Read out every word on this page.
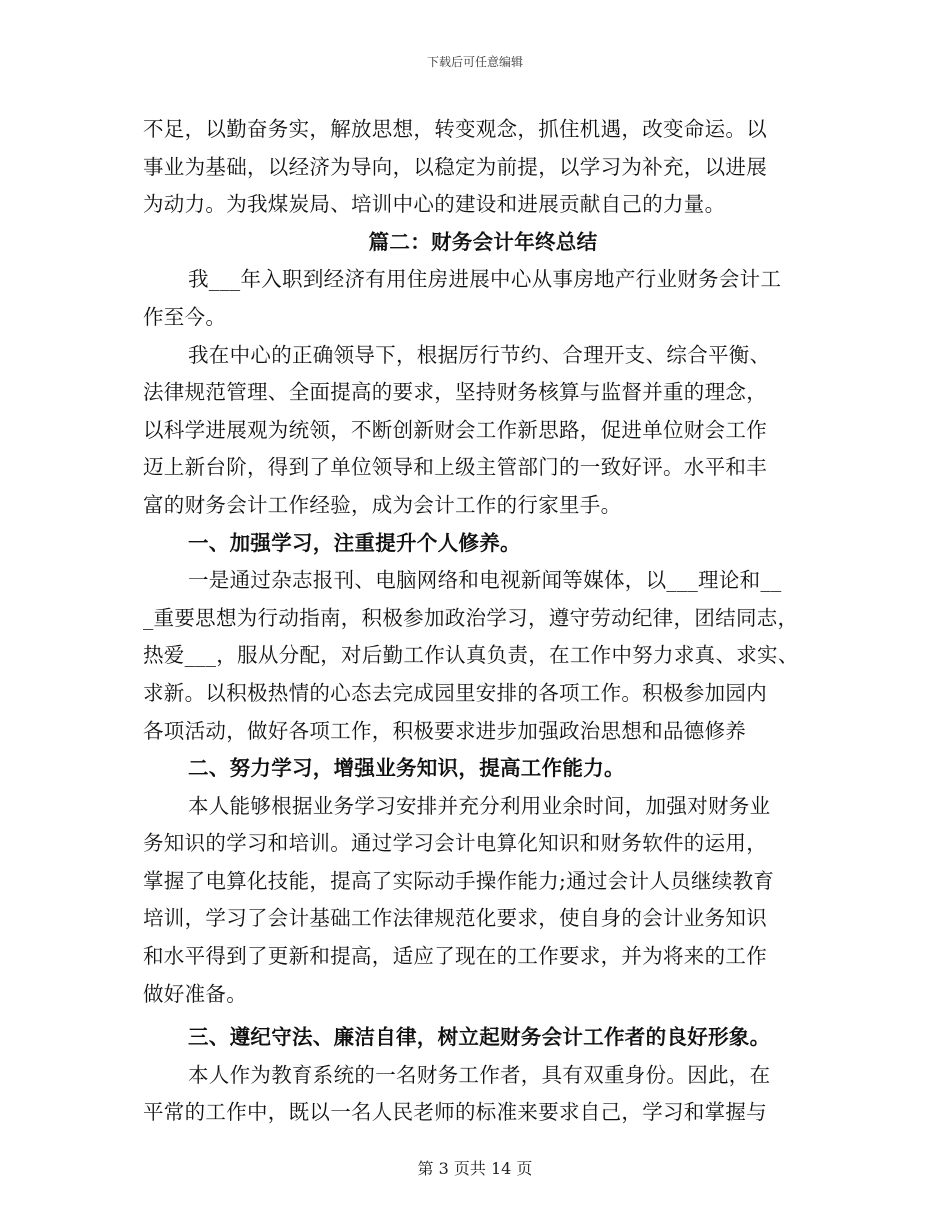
下载后可任意编辑
不足，以勤奋务实，解放思想，转变观念，抓住机遇，改变命运。以
事业为基础，以经济为导向，以稳定为前提，以学习为补充，以进展
为动力。为我煤炭局、培训中心的建设和进展贡献自己的力量。
篇二：财务会计年终总结
我___年入职到经济有用住房进展中心从事房地产行业财务会计工
作至今。
我在中心的正确领导下，根据厉行节约、合理开支、综合平衡、
法律规范管理、全面提高的要求，坚持财务核算与监督并重的理念，
以科学进展观为统领，不断创新财会工作新思路，促进单位财会工作
迈上新台阶，得到了单位领导和上级主管部门的一致好评。水平和丰
富的财务会计工作经验，成为会计工作的行家里手。
一、加强学习，注重提升个人修养。
一是通过杂志报刊、电脑网络和电视新闻等媒体，以___理论和__
_重要思想为行动指南，积极参加政治学习，遵守劳动纪律，团结同志，
热爱___，服从分配，对后勤工作认真负责，在工作中努力求真、求实、
求新。以积极热情的心态去完成园里安排的各项工作。积极参加园内
各项活动，做好各项工作，积极要求进步加强政治思想和品德修养
二、努力学习，增强业务知识，提高工作能力。
本人能够根据业务学习安排并充分利用业余时间，加强对财务业
务知识的学习和培训。通过学习会计电算化知识和财务软件的运用，
掌握了电算化技能，提高了实际动手操作能力;通过会计人员继续教育
培训，学习了会计基础工作法律规范化要求，使自身的会计业务知识
和水平得到了更新和提高，适应了现在的工作要求，并为将来的工作
做好准备。
三、遵纪守法、廉洁自律，树立起财务会计工作者的良好形象。
本人作为教育系统的一名财务工作者，具有双重身份。因此，在
平常的工作中，既以一名人民老师的标准来要求自己，学习和掌握与
第 3 页共 14 页
